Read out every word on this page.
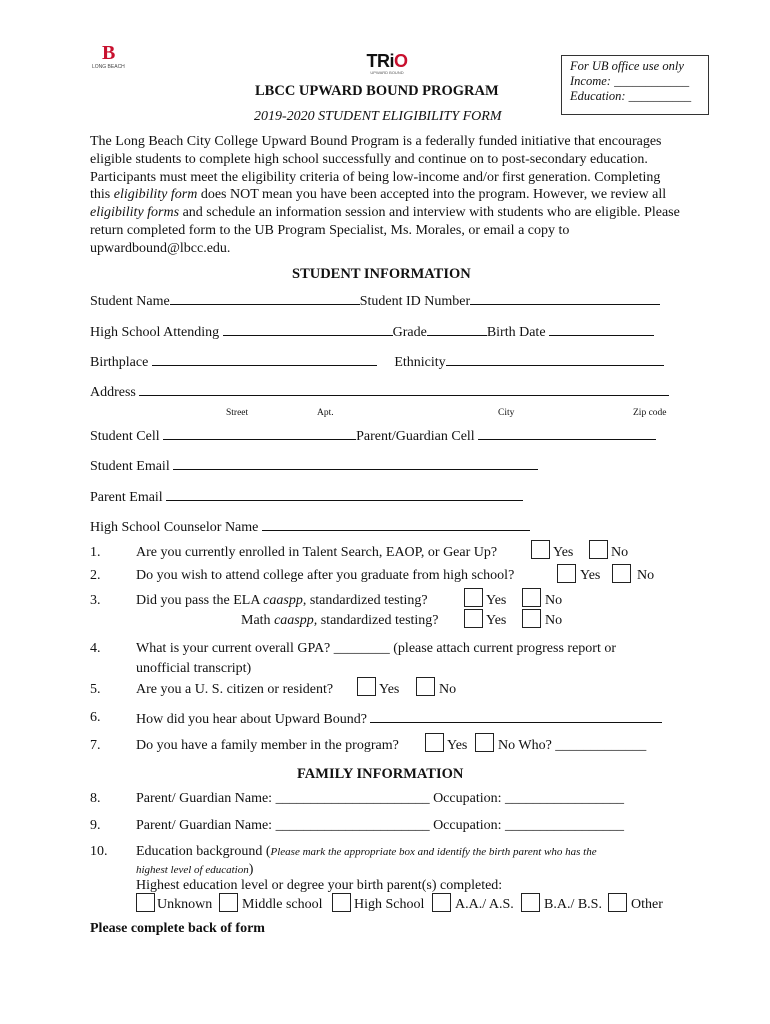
B
LONG BEACH	TRiO
UPWARD BOUND	For UB office use only
Income: ____________
Education: __________
LBCC UPWARD BOUND PROGRAM
2019-2020 STUDENT ELIGIBILITY FORM
The Long Beach City College Upward Bound Program is a federally funded initiative that encourages eligible students to complete high school successfully and continue on to post-secondary education. Participants must meet the eligibility criteria of being low-income and/or first generation. Completing this eligibility form does NOT mean you have been accepted into the program. However, we review all eligibility forms and schedule an information session and interview with students who are eligible. Please return completed form to the UB Program Specialist, Ms. Morales, or email a copy to upwardbound@lbcc.edu.
STUDENT INFORMATION
Student Name	Student ID Number
High School Attending	Grade	Birth Date
Birthplace	Ethnicity
Address
Street	Apt.	City	Zip code
Student Cell	Parent/Guardian Cell
Student Email
Parent Email
High School Counselor Name
1.	Are you currently enrolled in Talent Search, EAOP, or Gear Up?	Yes	No
2.	Do you wish to attend college after you graduate from high school?	Yes	No
3.	Did you pass the ELA caaspp, standardized testing?	Yes	No
Math caaspp, standardized testing?	Yes	No
4.	What is your current overall GPA? ________ (please attach current progress report or
unofficial transcript)
5.	Are you a U. S. citizen or resident?	Yes	No
6.	How did you hear about Upward Bound?
7.	Do you have a family member in the program?	Yes No Who? _____________
FAMILY INFORMATION
8.	Parent/ Guardian Name: ______________________ Occupation: _________________
9.	Parent/ Guardian Name: ______________________ Occupation: _________________
10. Education background (Please mark the appropriate box and identify the birth parent who has the
highest level of education)
Highest education level or degree your birth parent(s) completed:
Unknown Middle school High School A.A./ A.S. B.A./ B.S. Other
Please complete back of form
